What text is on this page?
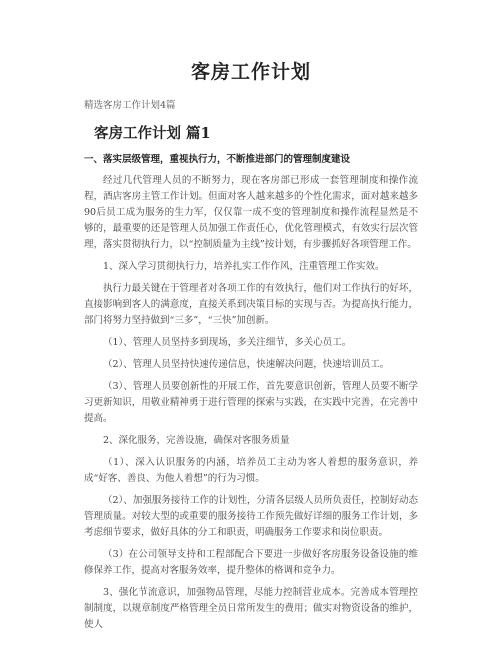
客房工作计划

精选客房工作计划4篇

客房工作计划 篇1

一、落实层级管理，重视执行力，不断推进部门的管理制度建设

经过几代管理人员的不断努力，现在客房部已形成一套管理制度和操作流程，酒店客房主管工作计划。但面对客人越来越多的个性化需求，面对越来越多90后员工成为服务的生力军，仅仅靠一成不变的管理制度和操作流程显然是不够的，最重要的还是管理人员加强工作责任心，优化管理模式，有效实行层次管理，落实贯彻执行力，以“控制质量为主线”按计划，有步骤抓好各项管理工作。

1、深入学习贯彻执行力，培养扎实工作作风，注重管理工作实效。

执行力最关键在于管理者对各项工作的有效执行，他们对工作执行的好坏，直接影响到客人的满意度，直接关系到决策目标的实现与否。为提高执行能力，部门将努力坚持做到“三多”，“三快”加创新。

（1）、管理人员坚持多到现场，多关注细节，多关心员工。

（2）、管理人员坚持快速传递信息，快速解决问题，快速培训员工。

（3）、管理人员要创新性的开展工作，首先要意识创新，管理人员要不断学习更新知识，用敬业精神勇于进行管理的探索与实践，在实践中完善，在完善中提高。

2、深化服务，完善设施，确保对客服务质量

（1）、深入认识服务的内涵，培养员工主动为客人着想的服务意识，养成“好客、善良、为他人着想”的行为习惯。

（2）、加强服务接待工作的计划性，分清各层级人员所负责任，控制好动态管理质量。对较大型的或重要的服务接待工作预先做好详细的服务工作计划，多考虑细节要求，做好具体的分工和职责，明确服务工作要求和岗位职责。

（3）在公司领导支持和工程部配合下要进一步做好客房服务设备设施的维修保养工作，提高对客服务效率，提升整体的格调和竞争力。

3、强化节流意识，加强物品管理，尽能力控制营业成本。完善成本管理控制制度，以规章制度严格管理全员日常所发生的费用；做实对物资设备的维护，使人
